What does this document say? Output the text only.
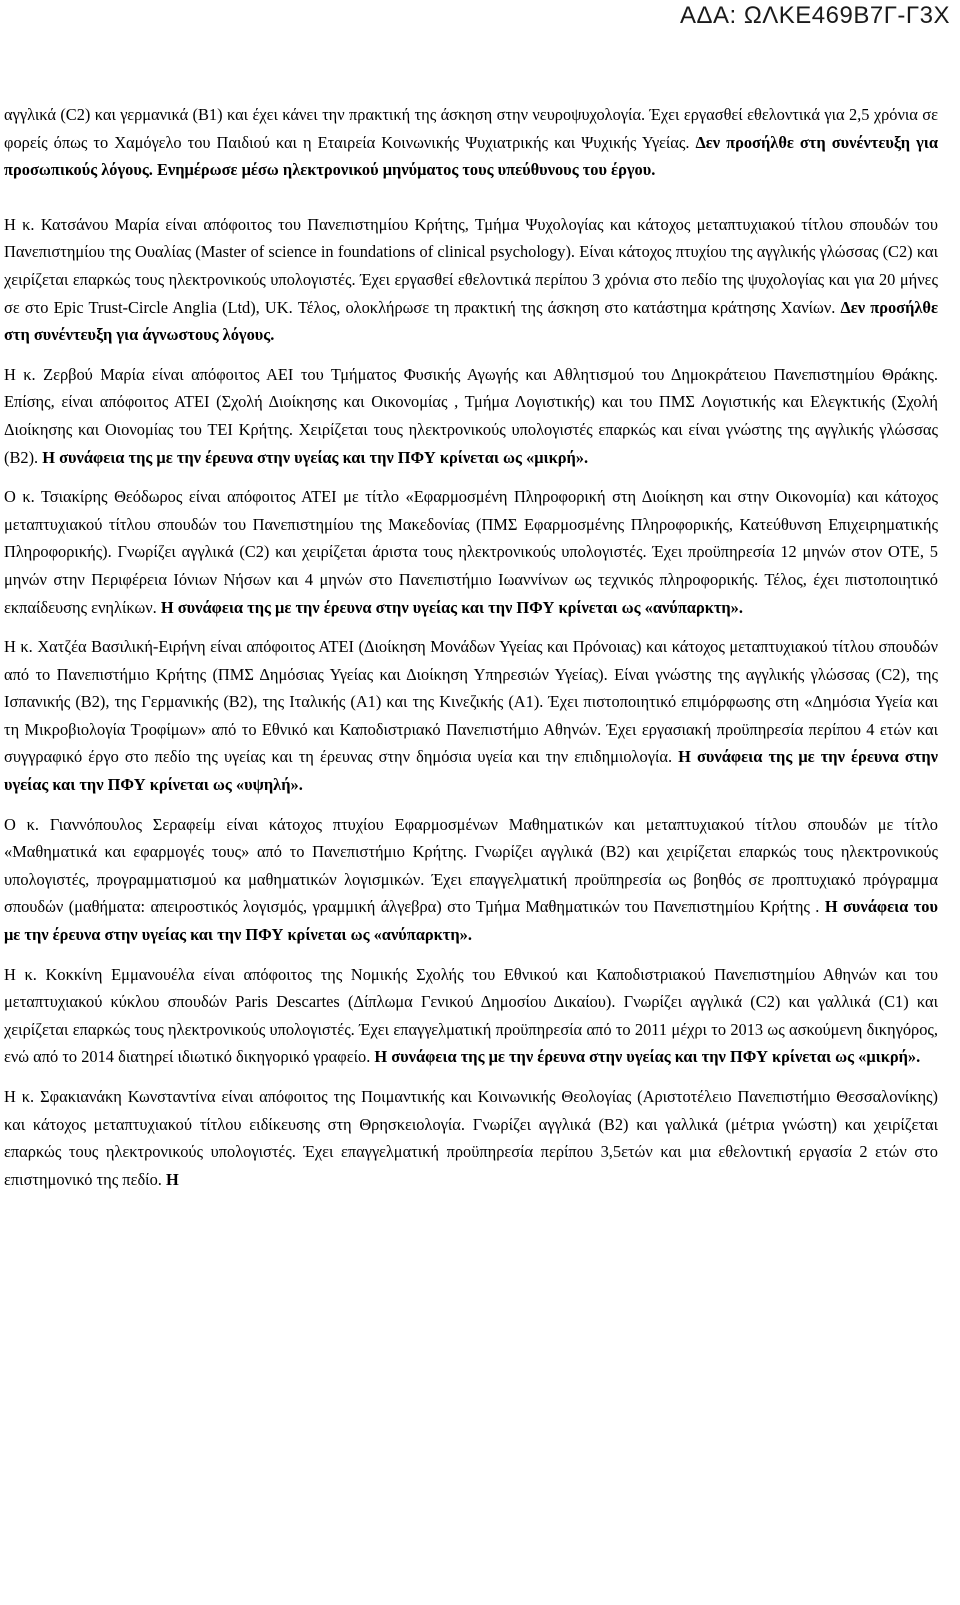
ΑΔΑ: ΩΛΚΕ469Β7Γ-Γ3Χ

αγγλικά (C2) και γερμανικά (B1) και έχει κάνει την πρακτική της άσκηση στην νευροψυχολογία. Έχει εργασθεί εθελοντικά για 2,5 χρόνια σε φορείς όπως το Χαμόγελο του Παιδιού και η Εταιρεία Κοινωνικής Ψυχιατρικής και Ψυχικής Υγείας. Δεν προσήλθε στη συνέντευξη για προσωπικούς λόγους. Ενημέρωσε μέσω ηλεκτρονικού μηνύματος τους υπεύθυνους του έργου.

Η κ. Κατσάνου Μαρία είναι απόφοιτος του Πανεπιστημίου Κρήτης, Τμήμα Ψυχολογίας και κάτοχος μεταπτυχιακού τίτλου σπουδών του Πανεπιστημίου της Ουαλίας (Master of science in foundations of clinical psychology). Είναι κάτοχος πτυχίου της αγγλικής γλώσσας (C2) και χειρίζεται επαρκώς τους ηλεκτρονικούς υπολογιστές. Έχει εργασθεί εθελοντικά περίπου 3 χρόνια στο πεδίο της ψυχολογίας και για 20 μήνες σε στο Epic Trust-Circle Anglia (Ltd), UK. Τέλος, ολοκλήρωσε τη πρακτική της άσκηση στο κατάστημα κράτησης Χανίων. Δεν προσήλθε στη συνέντευξη για άγνωστους λόγους.

Η κ. Ζερβού Μαρία είναι απόφοιτος ΑΕΙ του Τμήματος Φυσικής Αγωγής και Αθλητισμού του Δημοκράτειου Πανεπιστημίου Θράκης. Επίσης, είναι απόφοιτος ΑΤΕΙ (Σχολή Διοίκησης και Οικονομίας , Τμήμα Λογιστικής) και του ΠΜΣ Λογιστικής και Ελεγκτικής (Σχολή Διοίκησης και Οιονομίας του ΤΕΙ Κρήτης. Χειρίζεται τους ηλεκτρονικούς υπολογιστές επαρκώς και είναι γνώστης της αγγλικής γλώσσας (Β2). Η συνάφεια της με την έρευνα στην υγείας και την ΠΦΥ κρίνεται ως «μικρή».

Ο κ. Τσιακίρης Θεόδωρος είναι απόφοιτος ΑΤΕΙ με τίτλο «Εφαρμοσμένη Πληροφορική στη Διοίκηση και στην Οικονομία) και κάτοχος μεταπτυχιακού τίτλου σπουδών του Πανεπιστημίου της Μακεδονίας (ΠΜΣ Εφαρμοσμένης Πληροφορικής, Κατεύθυνση Επιχειρηματικής Πληροφορικής). Γνωρίζει αγγλικά (C2) και χειρίζεται άριστα τους ηλεκτρονικούς υπολογιστές. Έχει προϋπηρεσία 12 μηνών στον ΟΤΕ, 5 μηνών στην Περιφέρεια Ιόνιων Νήσων και 4 μηνών στο Πανεπιστήμιο Ιωαννίνων ως τεχνικός πληροφορικής. Τέλος, έχει πιστοποιητικό εκπαίδευσης ενηλίκων. Η συνάφεια της με την έρευνα στην υγείας και την ΠΦΥ κρίνεται ως «ανύπαρκτη».

Η κ. Χατζέα Βασιλική-Ειρήνη είναι απόφοιτος ΑΤΕΙ (Διοίκηση Μονάδων Υγείας και Πρόνοιας) και κάτοχος μεταπτυχιακού τίτλου σπουδών από το Πανεπιστήμιο Κρήτης (ΠΜΣ Δημόσιας Υγείας και Διοίκηση Υπηρεσιών Υγείας). Είναι γνώστης της αγγλικής γλώσσας (C2), της Ισπανικής (Β2), της Γερμανικής (Β2), της Ιταλικής (Α1) και της Κινεζικής (Α1). Έχει πιστοποιητικό επιμόρφωσης στη «Δημόσια Υγεία και τη Μικροβιολογία Τροφίμων» από το Εθνικό και Καποδιστριακό Πανεπιστήμιο Αθηνών. Έχει εργασιακή προϋπηρεσία περίπου 4 ετών και συγγραφικό έργο στο πεδίο της υγείας και τη έρευνας στην δημόσια υγεία και την επιδημιολογία. Η συνάφεια της με την έρευνα στην υγείας και την ΠΦΥ κρίνεται ως «υψηλή».

Ο κ. Γιαννόπουλος Σεραφείμ είναι κάτοχος πτυχίου Εφαρμοσμένων Μαθηματικών και μεταπτυχιακού τίτλου σπουδών με τίτλο «Μαθηματικά και εφαρμογές τους» από το Πανεπιστήμιο Κρήτης. Γνωρίζει αγγλικά (Β2) και χειρίζεται επαρκώς τους ηλεκτρονικούς υπολογιστές, προγραμματισμού κα μαθηματικών λογισμικών. Έχει επαγγελματική προϋπηρεσία ως βοηθός σε προπτυχιακό πρόγραμμα σπουδών (μαθήματα: απειροστικός λογισμός, γραμμική άλγεβρα) στο Τμήμα Μαθηματικών του Πανεπιστημίου Κρήτης . Η συνάφεια του με την έρευνα στην υγείας και την ΠΦΥ κρίνεται ως «ανύπαρκτη».

Η κ. Κοκκίνη Εμμανουέλα είναι απόφοιτος της Νομικής Σχολής του Εθνικού και Καποδιστριακού Πανεπιστημίου Αθηνών και του μεταπτυχιακού κύκλου σπουδών Paris Descartes (Δίπλωμα Γενικού Δημοσίου Δικαίου). Γνωρίζει αγγλικά (C2) και γαλλικά (C1) και χειρίζεται επαρκώς τους ηλεκτρονικούς υπολογιστές. Έχει επαγγελματική προϋπηρεσία από το 2011 μέχρι το 2013 ως ασκούμενη δικηγόρος, ενώ από το 2014 διατηρεί ιδιωτικό δικηγορικό γραφείο. Η συνάφεια της με την έρευνα στην υγείας και την ΠΦΥ κρίνεται ως «μικρή».

Η κ. Σφακιανάκη Κωνσταντίνα είναι απόφοιτος της Ποιμαντικής και Κοινωνικής Θεολογίας (Αριστοτέλειο Πανεπιστήμιο Θεσσαλονίκης) και κάτοχος μεταπτυχιακού τίτλου ειδίκευσης στη Θρησκειολογία. Γνωρίζει αγγλικά (Β2) και γαλλικά (μέτρια γνώστη) και χειρίζεται επαρκώς τους ηλεκτρονικούς υπολογιστές. Έχει επαγγελματική προϋπηρεσία περίπου 3,5ετών και μια εθελοντική εργασία 2 ετών στο επιστημονικό της πεδίο. Η
